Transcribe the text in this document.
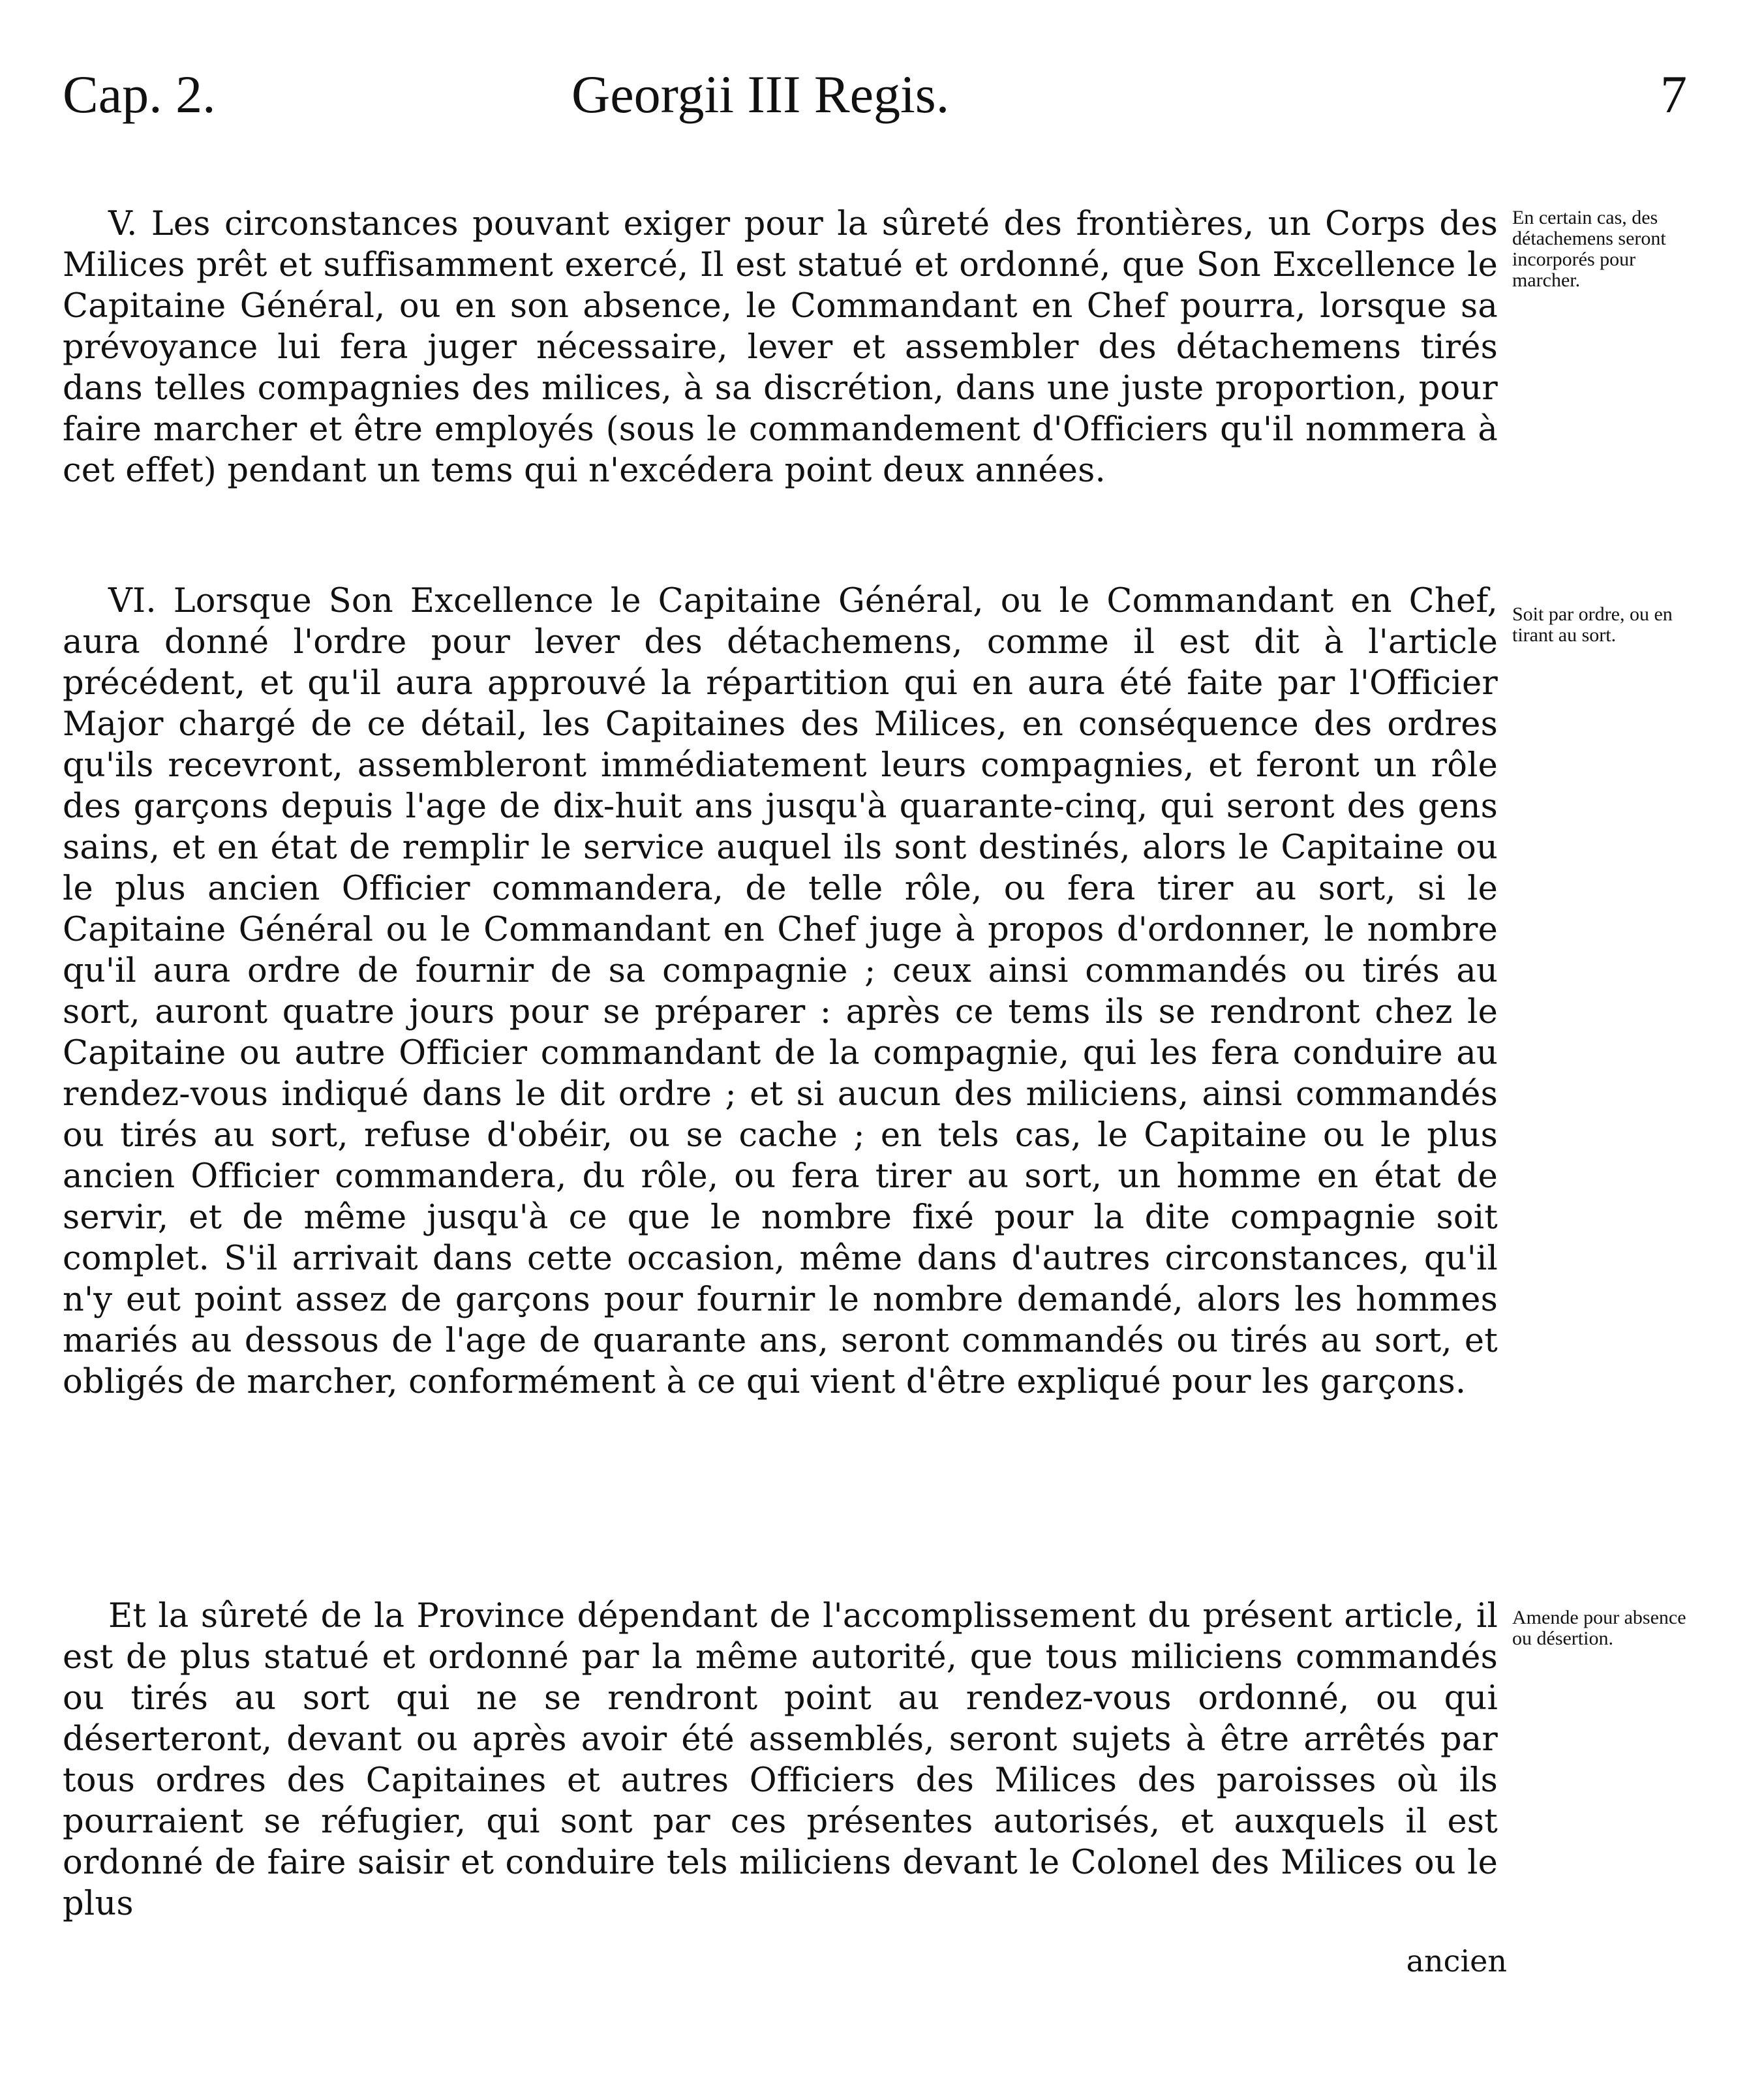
Cap. 2.	Georgii III Regis.	7

V. Les circonstances pouvant exiger pour la sûreté des frontières, un Corps des Milices prêt et suffisamment exercé, Il est statué et ordonné, que Son Excellence le Capitaine Général, ou en son absence, le Commandant en Chef pourra, lorsque sa prévoyance lui fera juger nécessaire, lever et assembler des détachemens tirés dans telles compagnies des milices, à sa discrétion, dans une juste proportion, pour faire marcher et être employés (sous le commandement d'Officiers qu'il nommera à cet effet) pendant un tems qui n'excédera point deux années.

En certain cas, des détachemens seront incorporés pour marcher.

VI. Lorsque Son Excellence le Capitaine Général, ou le Commandant en Chef, aura donné l'ordre pour lever des détachemens, comme il est dit à l'article précédent, et qu'il aura approuvé la répartition qui en aura été faite par l'Officier Major chargé de ce détail, les Capitaines des Milices, en conséquence des ordres qu'ils recevront, assembleront immédiatement leurs compagnies, et feront un rôle des garçons depuis l'age de dix-huit ans jusqu'à quarante-cinq, qui seront des gens sains, et en état de remplir le service auquel ils sont destinés, alors le Capitaine ou le plus ancien Officier commandera, de telle rôle, ou fera tirer au sort, si le Capitaine Général ou le Commandant en Chef juge à propos d'ordonner, le nombre qu'il aura ordre de fournir de sa compagnie ; ceux ainsi commandés ou tirés au sort, auront quatre jours pour se préparer : après ce tems ils se rendront chez le Capitaine ou autre Officier commandant de la compagnie, qui les fera conduire au rendez-vous indiqué dans le dit ordre ; et si aucun des miliciens, ainsi commandés ou tirés au sort, refuse d'obéir, ou se cache ; en tels cas, le Capitaine ou le plus ancien Officier commandera, du rôle, ou fera tirer au sort, un homme en état de servir, et de même jusqu'à ce que le nombre fixé pour la dite compagnie soit complet. S'il arrivait dans cette occasion, même dans d'autres circonstances, qu'il n'y eut point assez de garçons pour fournir le nombre demandé, alors les hommes mariés au dessous de l'age de quarante ans, seront commandés ou tirés au sort, et obligés de marcher, conformément à ce qui vient d'être expliqué pour les garçons.

Soit par ordre, ou en tirant au sort.

Et la sûreté de la Province dépendant de l'accomplissement du présent article, il est de plus statué et ordonné par la même autorité, que tous miliciens commandés ou tirés au sort qui ne se rendront point au rendez-vous ordonné, ou qui déserteront, devant ou après avoir été assemblés, seront sujets à être arrêtés par tous ordres des Capitaines et autres Officiers des Milices des paroisses où ils pourraient se réfugier, qui sont par ces présentes autorisés, et auxquels il est ordonné de faire saisir et conduire tels miliciens devant le Colonel des Milices ou le plus

Amende pour absence ou désertion.
ancien
